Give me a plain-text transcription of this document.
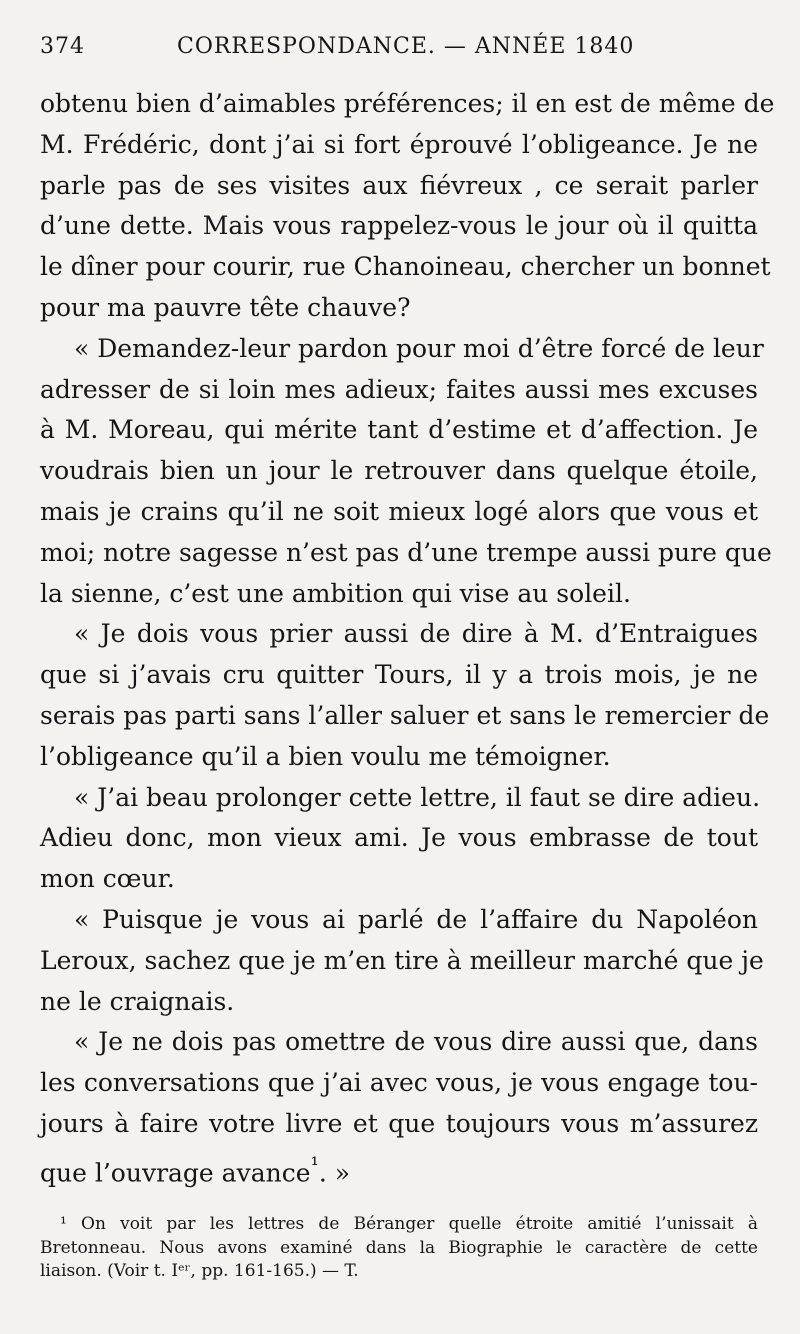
374	CORRESPONDANCE. — ANNÉE 1840
obtenu bien d’aimables préférences; il en est de même de
M. Frédéric, dont j’ai si fort éprouvé l’obligeance. Je ne
parle pas de ses visites aux fiévreux , ce serait parler
d’une dette. Mais vous rappelez-vous le jour où il quitta
le dîner pour courir, rue Chanoineau, chercher un bonnet
pour ma pauvre tête chauve?
« Demandez-leur pardon pour moi d’être forcé de leur
adresser de si loin mes adieux; faites aussi mes excuses
à M. Moreau, qui mérite tant d’estime et d’affection. Je
voudrais bien un jour le retrouver dans quelque étoile,
mais je crains qu’il ne soit mieux logé alors que vous et
moi; notre sagesse n’est pas d’une trempe aussi pure que
la sienne, c’est une ambition qui vise au soleil.
« Je dois vous prier aussi de dire à M. d’Entraigues
que si j’avais cru quitter Tours, il y a trois mois, je ne
serais pas parti sans l’aller saluer et sans le remercier de
l’obligeance qu’il a bien voulu me témoigner.
« J’ai beau prolonger cette lettre, il faut se dire adieu.
Adieu donc, mon vieux ami. Je vous embrasse de tout
mon cœur.
« Puisque je vous ai parlé de l’affaire du Napoléon
Leroux, sachez que je m’en tire à meilleur marché que je
ne le craignais.
« Je ne dois pas omettre de vous dire aussi que, dans
les conversations que j’ai avec vous, je vous engage tou-
jours à faire votre livre et que toujours vous m’assurez
que l’ouvrage avance$^{^1}$. »
¹ On voit par les lettres de Béranger quelle étroite amitié l’unissait à
Bretonneau. Nous avons examiné dans la Biographie le caractère de cette
liaison. (Voir t. Iᵉʳ, pp. 161-165.) — T.
